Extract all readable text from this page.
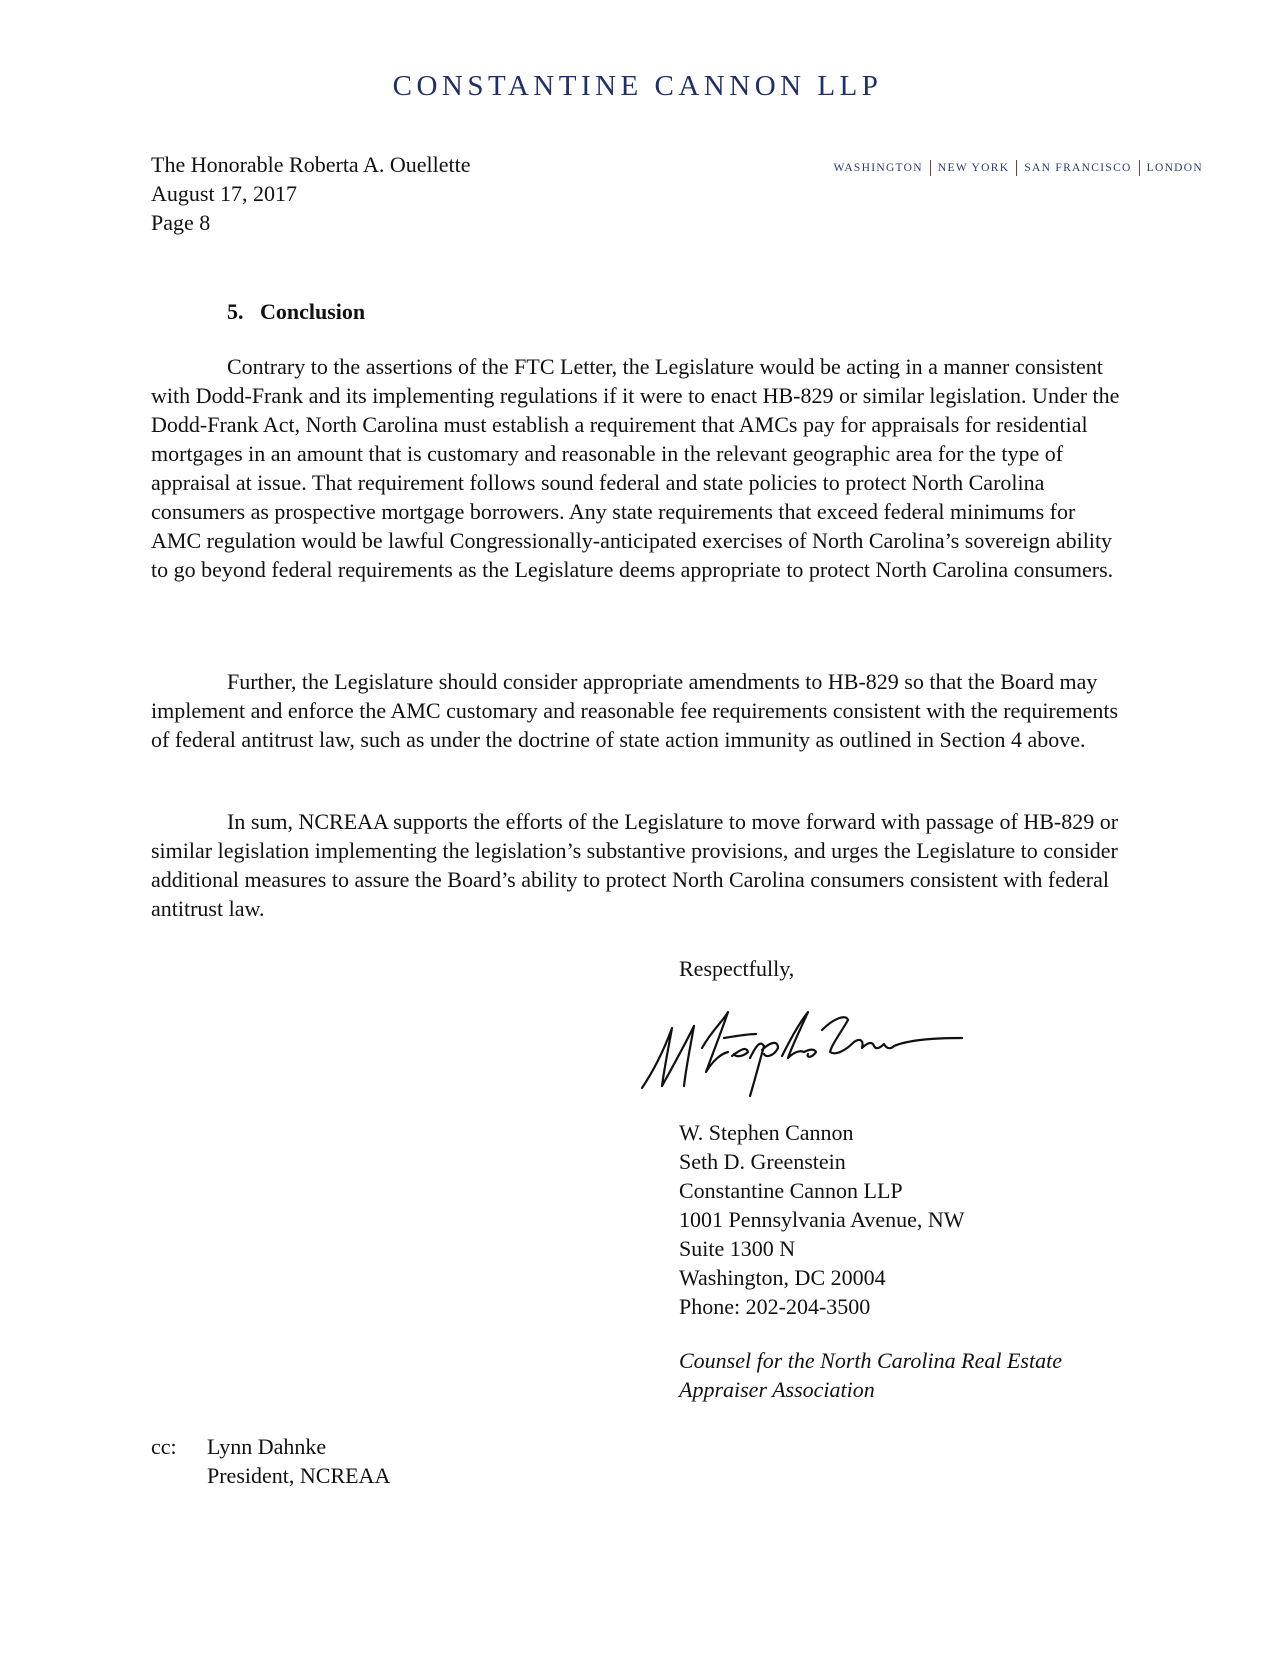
CONSTANTINE CANNON LLP
WASHINGTON	NEW YORK	SAN FRANCISCO	LONDON
The Honorable Roberta A. Ouellette
August 17, 2017
Page 8
5.   Conclusion

Contrary to the assertions of the FTC Letter, the Legislature would be acting in a manner consistent with Dodd-Frank and its implementing regulations if it were to enact HB-829 or similar legislation. Under the Dodd-Frank Act, North Carolina must establish a requirement that AMCs pay for appraisals for residential mortgages in an amount that is customary and reasonable in the relevant geographic area for the type of appraisal at issue. That requirement follows sound federal and state policies to protect North Carolina consumers as prospective mortgage borrowers. Any state requirements that exceed federal minimums for AMC regulation would be lawful Congressionally-anticipated exercises of North Carolina’s sovereign ability to go beyond federal requirements as the Legislature deems appropriate to protect North Carolina consumers.

Further, the Legislature should consider appropriate amendments to HB-829 so that the Board may implement and enforce the AMC customary and reasonable fee requirements consistent with the requirements of federal antitrust law, such as under the doctrine of state action immunity as outlined in Section 4 above.

In sum, NCREAA supports the efforts of the Legislature to move forward with passage of HB-829 or similar legislation implementing the legislation’s substantive provisions, and urges the Legislature to consider additional measures to assure the Board’s ability to protect North Carolina consumers consistent with federal antitrust law.

Respectfully,
W. Stephen Cannon
Seth D. Greenstein
Constantine Cannon LLP
1001 Pennsylvania Avenue, NW
Suite 1300 N
Washington, DC 20004
Phone: 202-204-3500
Counsel for the North Carolina Real Estate
Appraiser Association
cc: Lynn Dahnke
President, NCREAA
